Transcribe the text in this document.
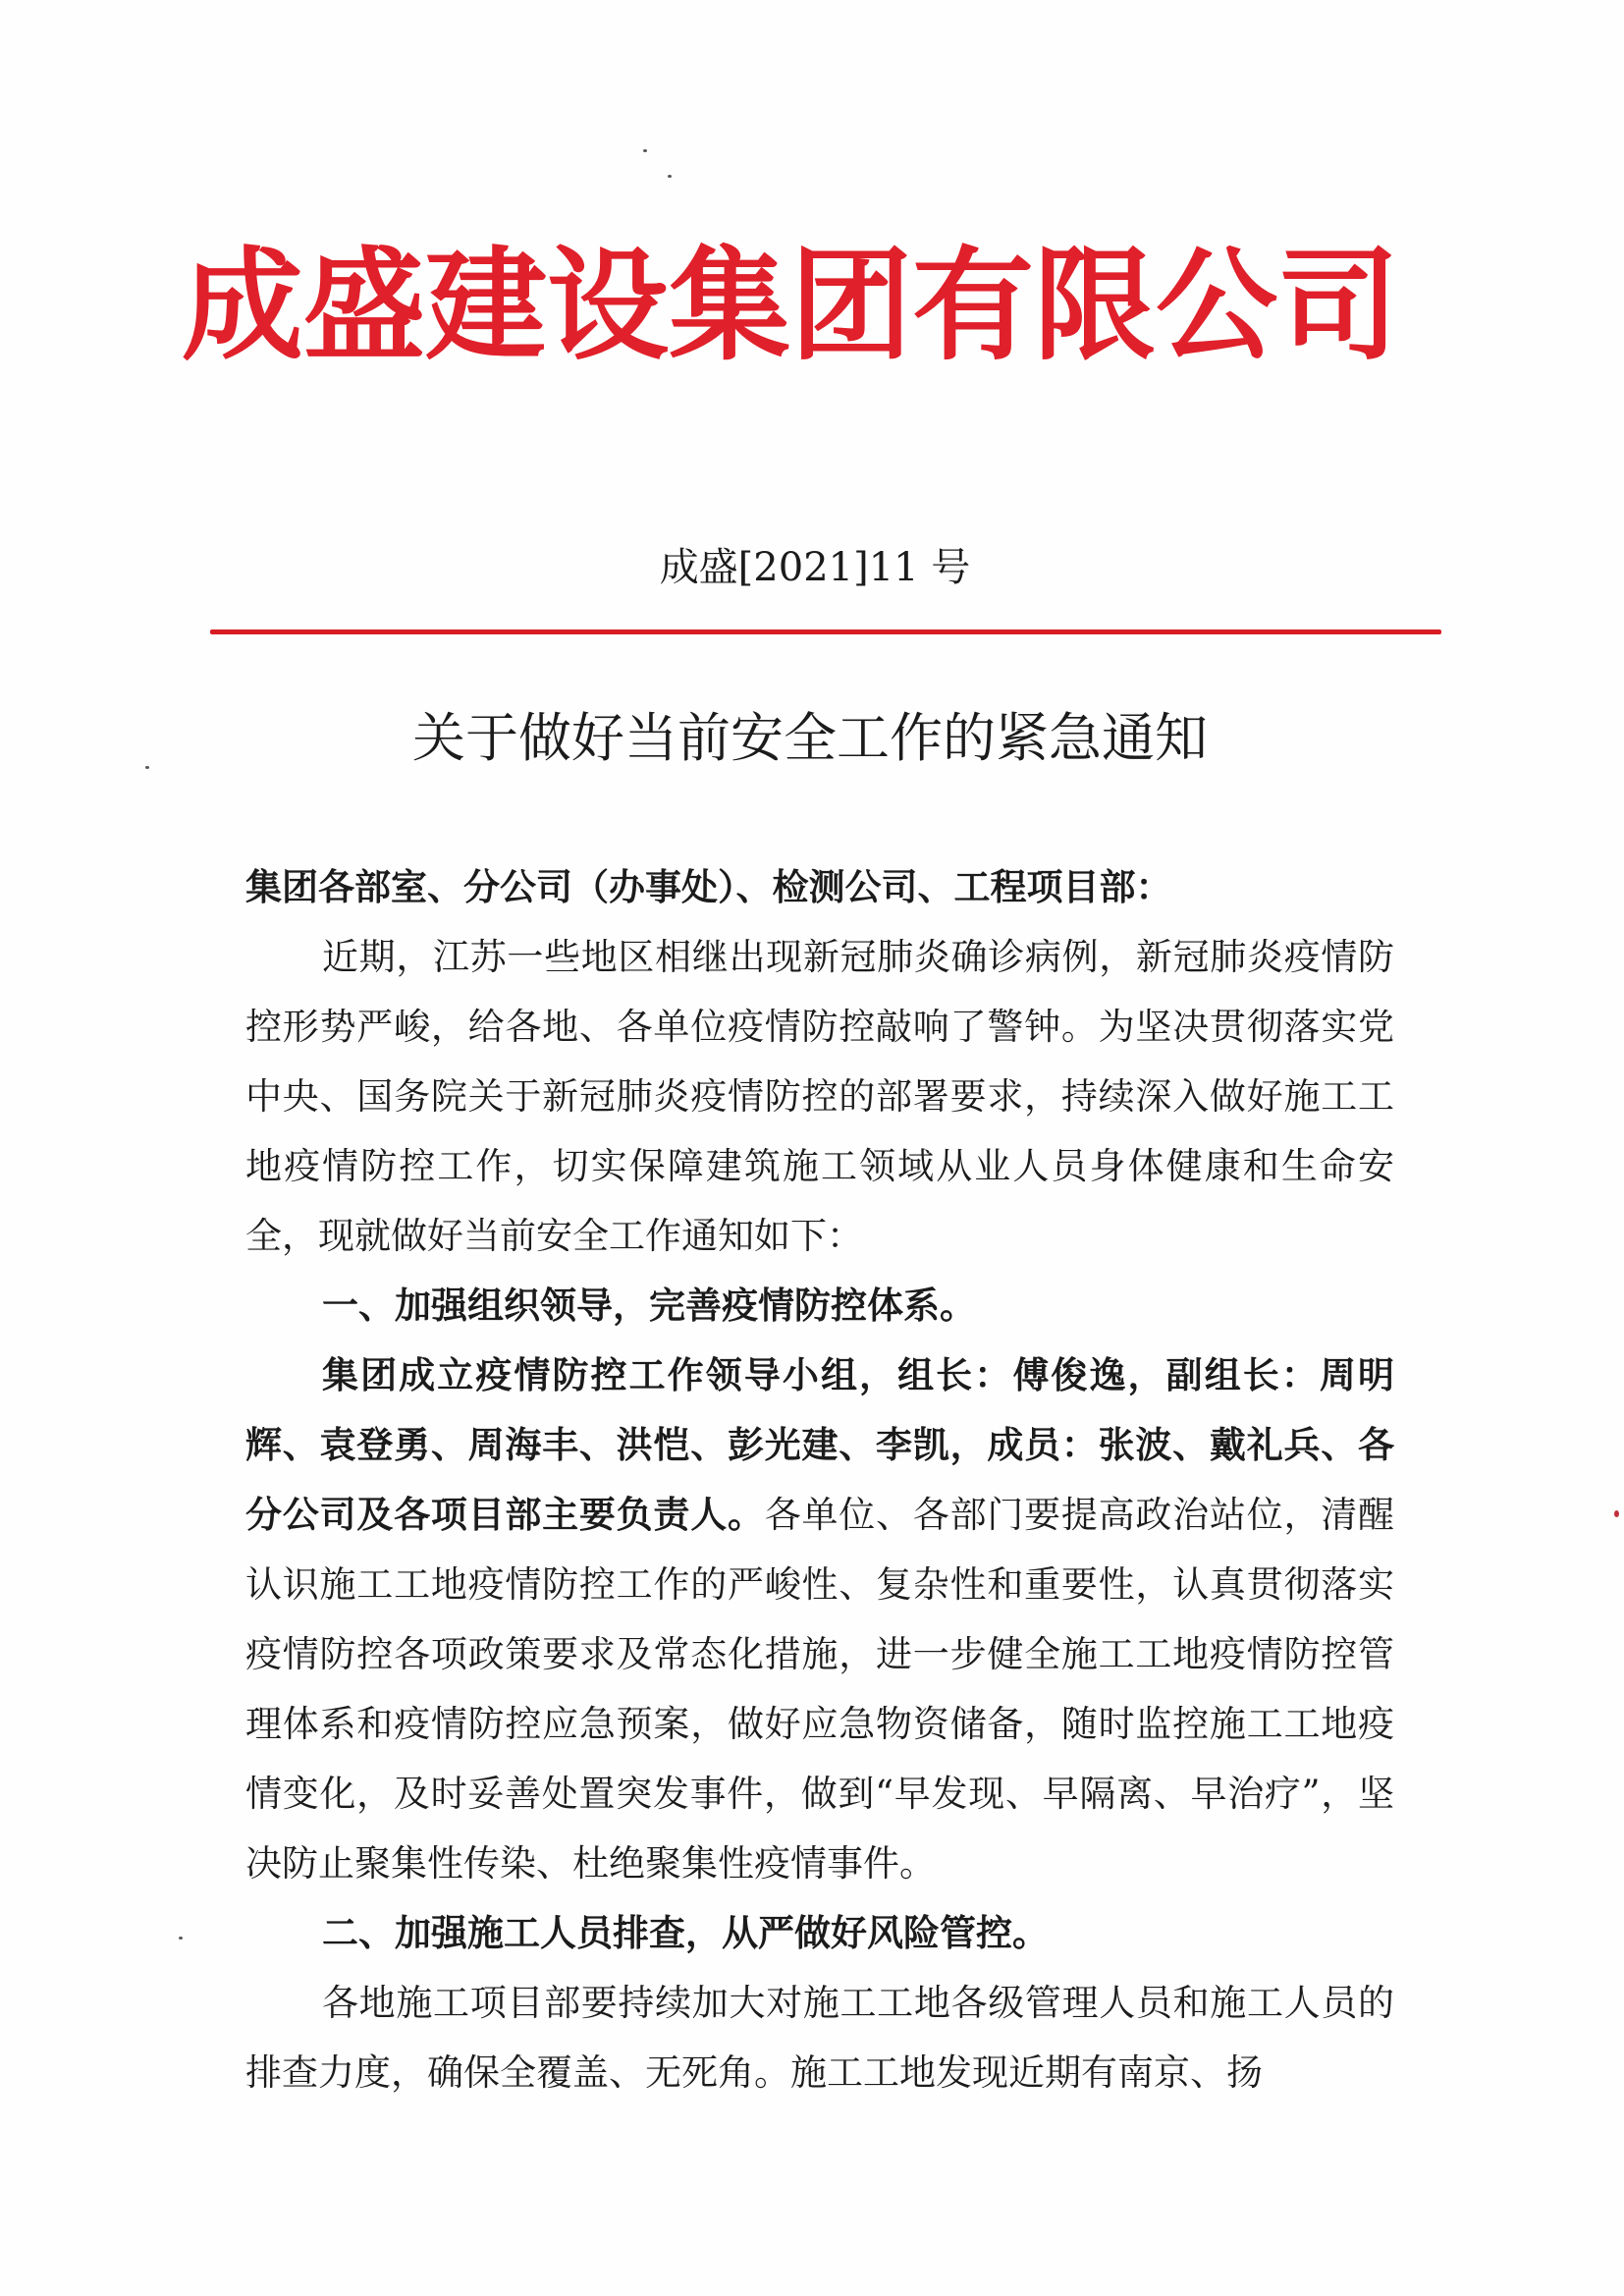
成盛建设集团有限公司
成盛[2021]11 号
关于做好当前安全工作的紧急通知

集团各部室、分公司（办事处）、检测公司、工程项目部：

近期，江苏一些地区相继出现新冠肺炎确诊病例，新冠肺炎疫情防控形势严峻，给各地、各单位疫情防控敲响了警钟。为坚决贯彻落实党中央、国务院关于新冠肺炎疫情防控的部署要求，持续深入做好施工工地疫情防控工作，切实保障建筑施工领域从业人员身体健康和生命安全，现就做好当前安全工作通知如下：

一、加强组织领导，完善疫情防控体系。

集团成立疫情防控工作领导小组，组长：傅俊逸，副组长：周明辉、袁登勇、周海丰、洪恺、彭光建、李凯，成员：张波、戴礼兵、各分公司及各项目部主要负责人。各单位、各部门要提高政治站位，清醒认识施工工地疫情防控工作的严峻性、复杂性和重要性，认真贯彻落实疫情防控各项政策要求及常态化措施，进一步健全施工工地疫情防控管理体系和疫情防控应急预案，做好应急物资储备，随时监控施工工地疫情变化，及时妥善处置突发事件，做到“早发现、早隔离、早治疗”，坚决防止聚集性传染、杜绝聚集性疫情事件。

二、加强施工人员排查，从严做好风险管控。

各地施工项目部要持续加大对施工工地各级管理人员和施工人员的排查力度，确保全覆盖、无死角。施工工地发现近期有南京、扬
